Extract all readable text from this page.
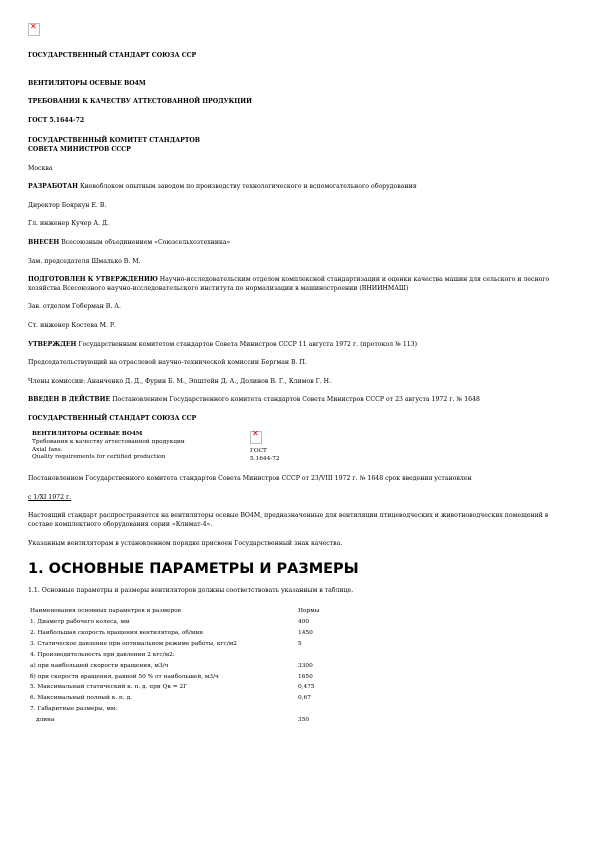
✕

ГОСУДАРСТВЕННЫЙ СТАНДАРТ СОЮЗА ССР

ВЕНТИЛЯТОРЫ ОСЕВЫЕ ВО4М

ТРЕБОВАНИЯ К КАЧЕСТВУ АТТЕСТОВАННОЙ ПРОДУКЦИИ

ГОСТ 5.1644-72

ГОСУДАРСТВЕННЫЙ КОМИТЕТ СТАНДАРТОВ

СОВЕТА МИНИСТРОВ СССР

Москва

РАЗРАБОТАН Киевоблоком опытным заводом по производству технологического и вспомогательного оборудования

Директор Бояркун Е. В.

Гл. инженер Кучер А. Д.

ВНЕСЕН Всесоюзным объединением «Союзсельхозтехника»

Зам. председателя Шмалько В. М.

ПОДГОТОВЛЕН К УТВЕРЖДЕНИЮ Научно-исследовательским отделом комплексной стандартизации и оценки качества машин для сельского и лесного хозяйства Всесоюзного научно-исследовательского института по нормализации в машиностроении (ВНИИНМАШ)

Зав. отделом Гоберман В. А.

Ст. инженер Костева М. Р.

УТВЕРЖДЕН Государственным комитетом стандартов Совета Министров СССР 11 августа 1972 г. (протокол № 113)

Председательствующий на отраслевой научно-технической комиссии Бергман В. П.

Члены комиссии: Ананченко Д. Д., Фурин Б. М., Эпштейн Д. А., Долинов В. Г., Климов Г. Н.

ВВЕДЕН В ДЕЙСТВИЕ Постановлением Государственного комитета стандартов Совета Министров СССР от 23 августа 1972 г. № 1648

ГОСУДАРСТВЕННЫЙ СТАНДАРТ СОЮЗА ССР

ВЕНТИЛЯТОРЫ ОСЕВЫЕ ВО4М
Требования к качеству аттестованной продукции
Axial fans.
Quality requirements for certified production
	✕
ГОСТ
5.1644-72

Постановлением Государственного комитета стандартов Совета Министров СССР от 23/VIII 1972 г. № 1648 срок введения установлен

с 1/XI 1972 г.

Настоящий стандарт распространяется на вентиляторы осевые ВО4М, предназначенные для вентиляции птицеводческих и животноводческих помещений в составе комплектного оборудования серии «Климат-4».

Указанным вентиляторам в установленном порядке присвоен Государственный знак качества.

1. ОСНОВНЫЕ ПАРАМЕТРЫ И РАЗМЕРЫ

1.1. Основные параметры и размеры вентиляторов должны соответствовать указанным в таблице.

Наименования основных параметров и размеров	Нормы
1. Диаметр рабочего колеса, мм	400
2. Наибольшая скорость вращения вентилятора, об/мин	1450
3. Статическое давление при оптимальном режиме работы, кгс/м2	5
4. Производительность при давлении 2 кгс/м2:	
а) при наибольшей скорости вращения, м3/ч	3300
б) при скорости вращения, равной 50 % от наибольшей, м3/ч	1650
5. Максимальный статический к. п. д. при Qк = 2Г	0,475
6. Максимальный полный к. п. д.	0,67
7. Габаритные размеры, мм:	
длина	350
